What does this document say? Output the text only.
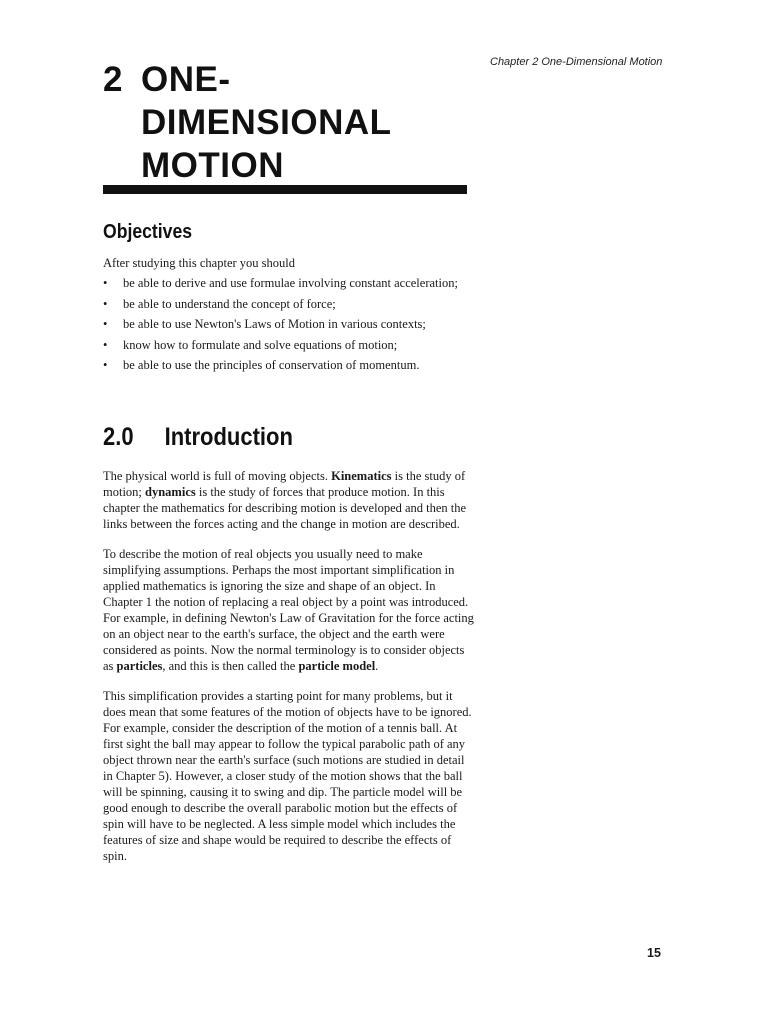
Chapter 2 One-Dimensional Motion
2 ONE-
DIMENSIONAL
MOTION
Objectives

After studying this chapter you should

• be able to derive and use formulae involving constant acceleration;
• be able to understand the concept of force;
• be able to use Newton's Laws of Motion in various contexts;
• know how to formulate and solve equations of motion;
• be able to use the principles of conservation of momentum.
2.0 Introduction

The physical world is full of moving objects. Kinematics is the study of motion; dynamics is the study of forces that produce motion. In this chapter the mathematics for describing motion is developed and then the links between the forces acting and the change in motion are described.

To describe the motion of real objects you usually need to make simplifying assumptions. Perhaps the most important simplification in applied mathematics is ignoring the size and shape of an object. In Chapter 1 the notion of replacing a real object by a point was introduced. For example, in defining Newton's Law of Gravitation for the force acting on an object near to the earth's surface, the object and the earth were considered as points. Now the normal terminology is to consider objects as particles, and this is then called the particle model.

This simplification provides a starting point for many problems, but it does mean that some features of the motion of objects have to be ignored. For example, consider the description of the motion of a tennis ball. At first sight the ball may appear to follow the typical parabolic path of any object thrown near the earth's surface (such motions are studied in detail in Chapter 5). However, a closer study of the motion shows that the ball will be spinning, causing it to swing and dip. The particle model will be good enough to describe the overall parabolic motion but the effects of spin will have to be neglected. A less simple model which includes the features of size and shape would be required to describe the effects of spin.

15
